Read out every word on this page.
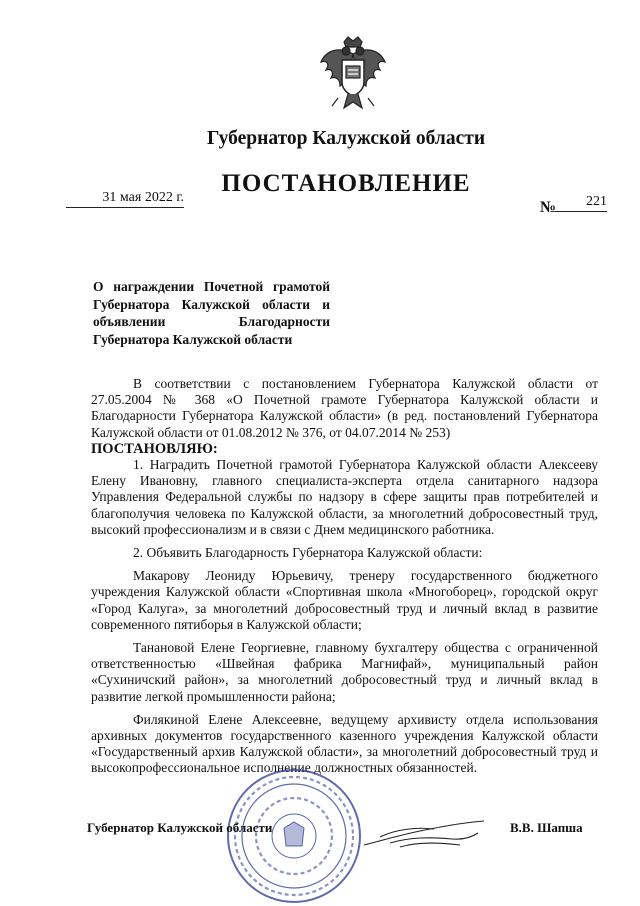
Губернатор Калужской области
ПОСТАНОВЛЕНИЕ
31 мая 2022 г.
№	221
О награждении Почетной грамотой Губернатора Калужской области и объявлении Благодарности Губернатора Калужской области

В соответствии с постановлением Губернатора Калужской области от 27.05.2004 № 368 «О Почетной грамоте Губернатора Калужской области и Благодарности Губернатора Калужской области» (в ред. постановлений Губернатора Калужской области от 01.08.2012 № 376, от 04.07.2014 № 253)

ПОСТАНОВЛЯЮ:

1. Наградить Почетной грамотой Губернатора Калужской области Алексееву Елену Ивановну, главного специалиста-эксперта отдела санитарного надзора Управления Федеральной службы по надзору в сфере защиты прав потребителей и благополучия человека по Калужской области, за многолетний добросовестный труд, высокий профессионализм и в связи с Днем медицинского работника.

2. Объявить Благодарность Губернатора Калужской области:

Макарову Леониду Юрьевичу, тренеру государственного бюджетного учреждения Калужской области «Спортивная школа «Многоборец», городской округ «Город Калуга», за многолетний добросовестный труд и личный вклад в развитие современного пятиборья в Калужской области;

Танановой Елене Георгиевне, главному бухгалтеру общества с ограниченной ответственностью «Швейная фабрика Магнифай», муниципальный район «Сухиничский район», за многолетний добросовестный труд и личный вклад в развитие легкой промышленности района;

Филякиной Елене Алексеевне, ведущему архивисту отдела использования архивных документов государственного казенного учреждения Калужской области «Государственный архив Калужской области», за многолетний добросовестный труд и высокопрофессиональное исполнение должностных обязанностей.

Губернатор Калужской области	В.В. Шапша
